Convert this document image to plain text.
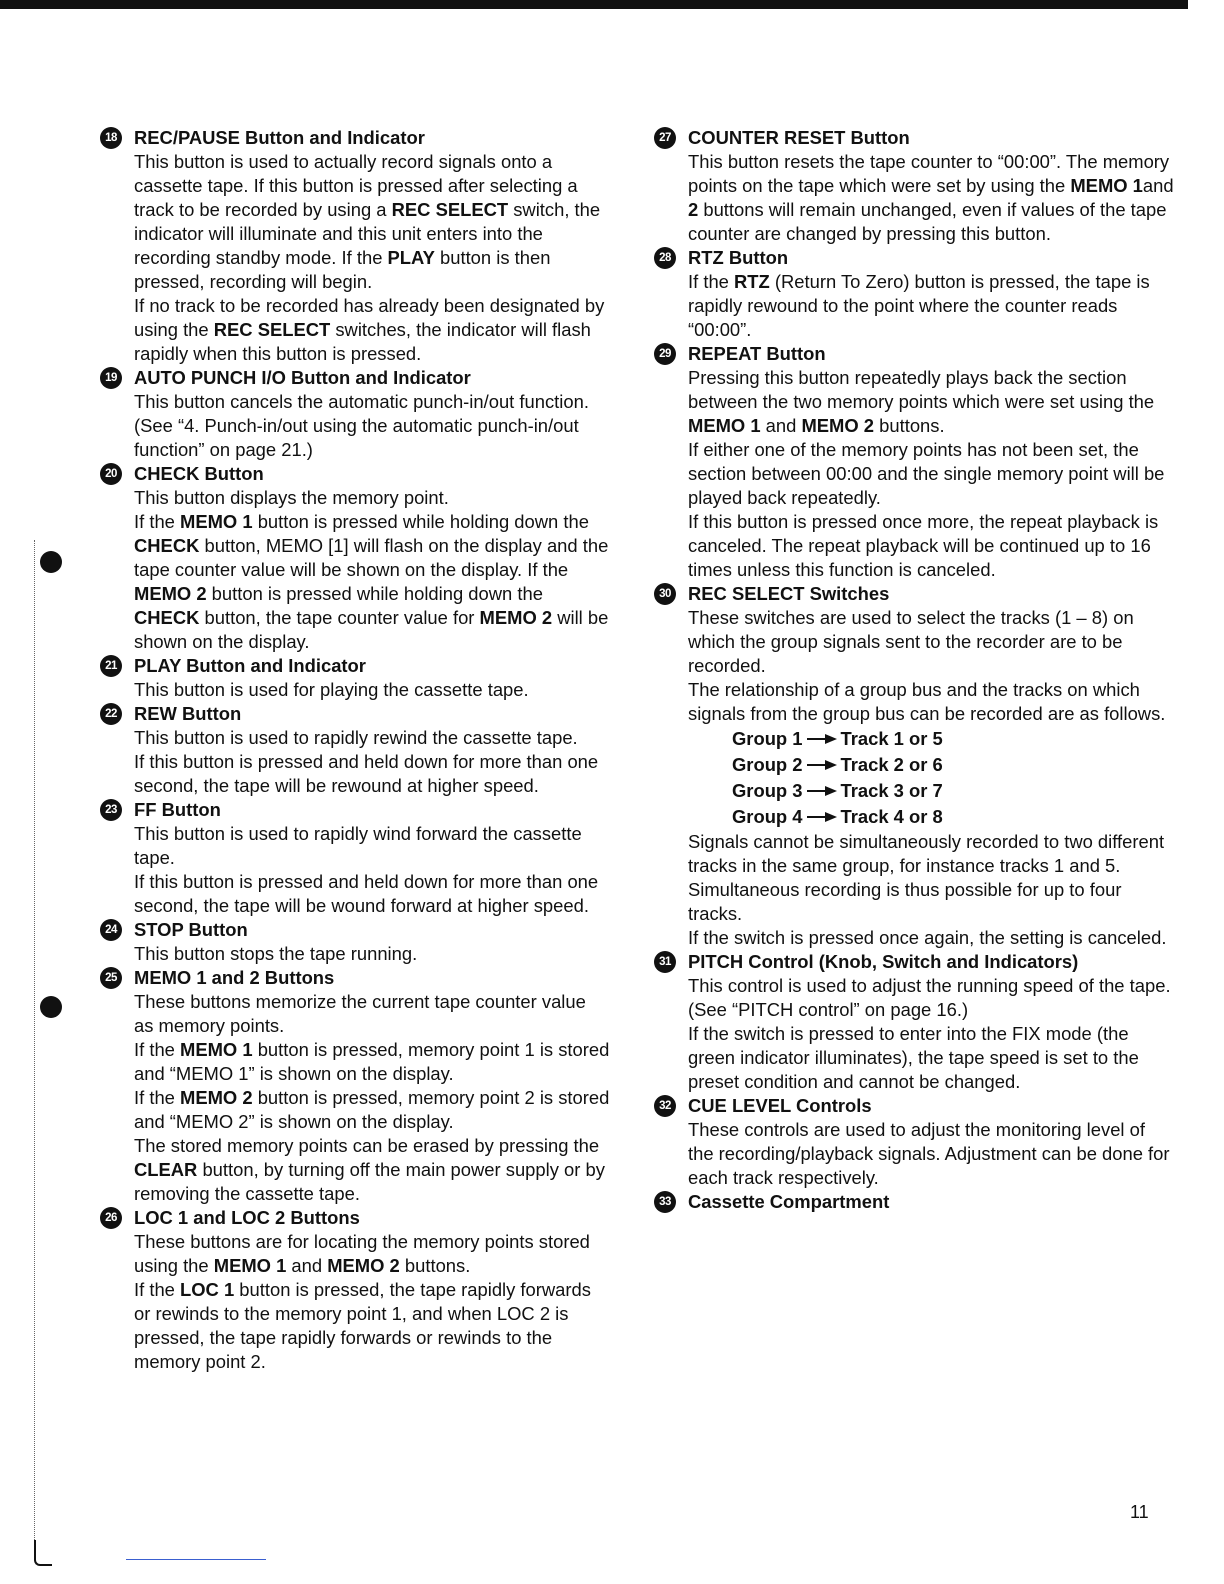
18 REC/PAUSE Button and Indicator

This button is used to actually record signals onto a cassette tape. If this button is pressed after selecting a track to be recorded by using a REC SELECT switch, the indicator will illuminate and this unit enters into the recording standby mode. If the PLAY button is then pressed, recording will begin.

If no track to be recorded has already been designated by using the REC SELECT switches, the indicator will flash rapidly when this button is pressed.

19 AUTO PUNCH I/O Button and Indicator

This button cancels the automatic punch-in/out function. (See “4. Punch-in/out using the automatic punch-in/out function” on page 21.)

20 CHECK Button

This button displays the memory point.

If the MEMO 1 button is pressed while holding down the CHECK button, MEMO [1] will flash on the display and the tape counter value will be shown on the display. If the MEMO 2 button is pressed while holding down the CHECK button, the tape counter value for MEMO 2 will be shown on the display.

21 PLAY Button and Indicator

This button is used for playing the cassette tape.

22 REW Button

This button is used to rapidly rewind the cassette tape.

If this button is pressed and held down for more than one second, the tape will be rewound at higher speed.

23 FF Button

This button is used to rapidly wind forward the cassette tape.

If this button is pressed and held down for more than one second, the tape will be wound forward at higher speed.

24 STOP Button

This button stops the tape running.

25 MEMO 1 and 2 Buttons

These buttons memorize the current tape counter value as memory points.

If the MEMO 1 button is pressed, memory point 1 is stored and “MEMO 1” is shown on the display.

If the MEMO 2 button is pressed, memory point 2 is stored and “MEMO 2” is shown on the display.

The stored memory points can be erased by pressing the CLEAR button, by turning off the main power supply or by removing the cassette tape.

26 LOC 1 and LOC 2 Buttons

These buttons are for locating the memory points stored using the MEMO 1 and MEMO 2 buttons.

If the LOC 1 button is pressed, the tape rapidly forwards or rewinds to the memory point 1, and when LOC 2 is pressed, the tape rapidly forwards or rewinds to the memory point 2.

27 COUNTER RESET Button

This button resets the tape counter to “00:00”. The memory points on the tape which were set by using the MEMO 1and 2 buttons will remain unchanged, even if values of the tape counter are changed by pressing this button.

28 RTZ Button

If the RTZ (Return To Zero) button is pressed, the tape is rapidly rewound to the point where the counter reads “00:00”.

29 REPEAT Button

Pressing this button repeatedly plays back the section between the two memory points which were set using the MEMO 1 and MEMO 2 buttons.

If either one of the memory points has not been set, the section between 00:00 and the single memory point will be played back repeatedly.

If this button is pressed once more, the repeat playback is canceled. The repeat playback will be continued up to 16 times unless this function is canceled.

30 REC SELECT Switches

These switches are used to select the tracks (1 – 8) on which the group signals sent to the recorder are to be recorded.

The relationship of a group bus and the tracks on which signals from the group bus can be recorded are as follows.

Group 1 Track 1 or 5
Group 2 Track 2 or 6
Group 3 Track 3 or 7
Group 4 Track 4 or 8

Signals cannot be simultaneously recorded to two different tracks in the same group, for instance tracks 1 and 5. Simultaneous recording is thus possible for up to four tracks.

If the switch is pressed once again, the setting is canceled.

31 PITCH Control (Knob, Switch and Indicators)

This control is used to adjust the running speed of the tape. (See “PITCH control” on page 16.)

If the switch is pressed to enter into the FIX mode (the green indicator illuminates), the tape speed is set to the preset condition and cannot be changed.

32 CUE LEVEL Controls

These controls are used to adjust the monitoring level of the recording/playback signals. Adjustment can be done for each track respectively.

33 Cassette Compartment
11
